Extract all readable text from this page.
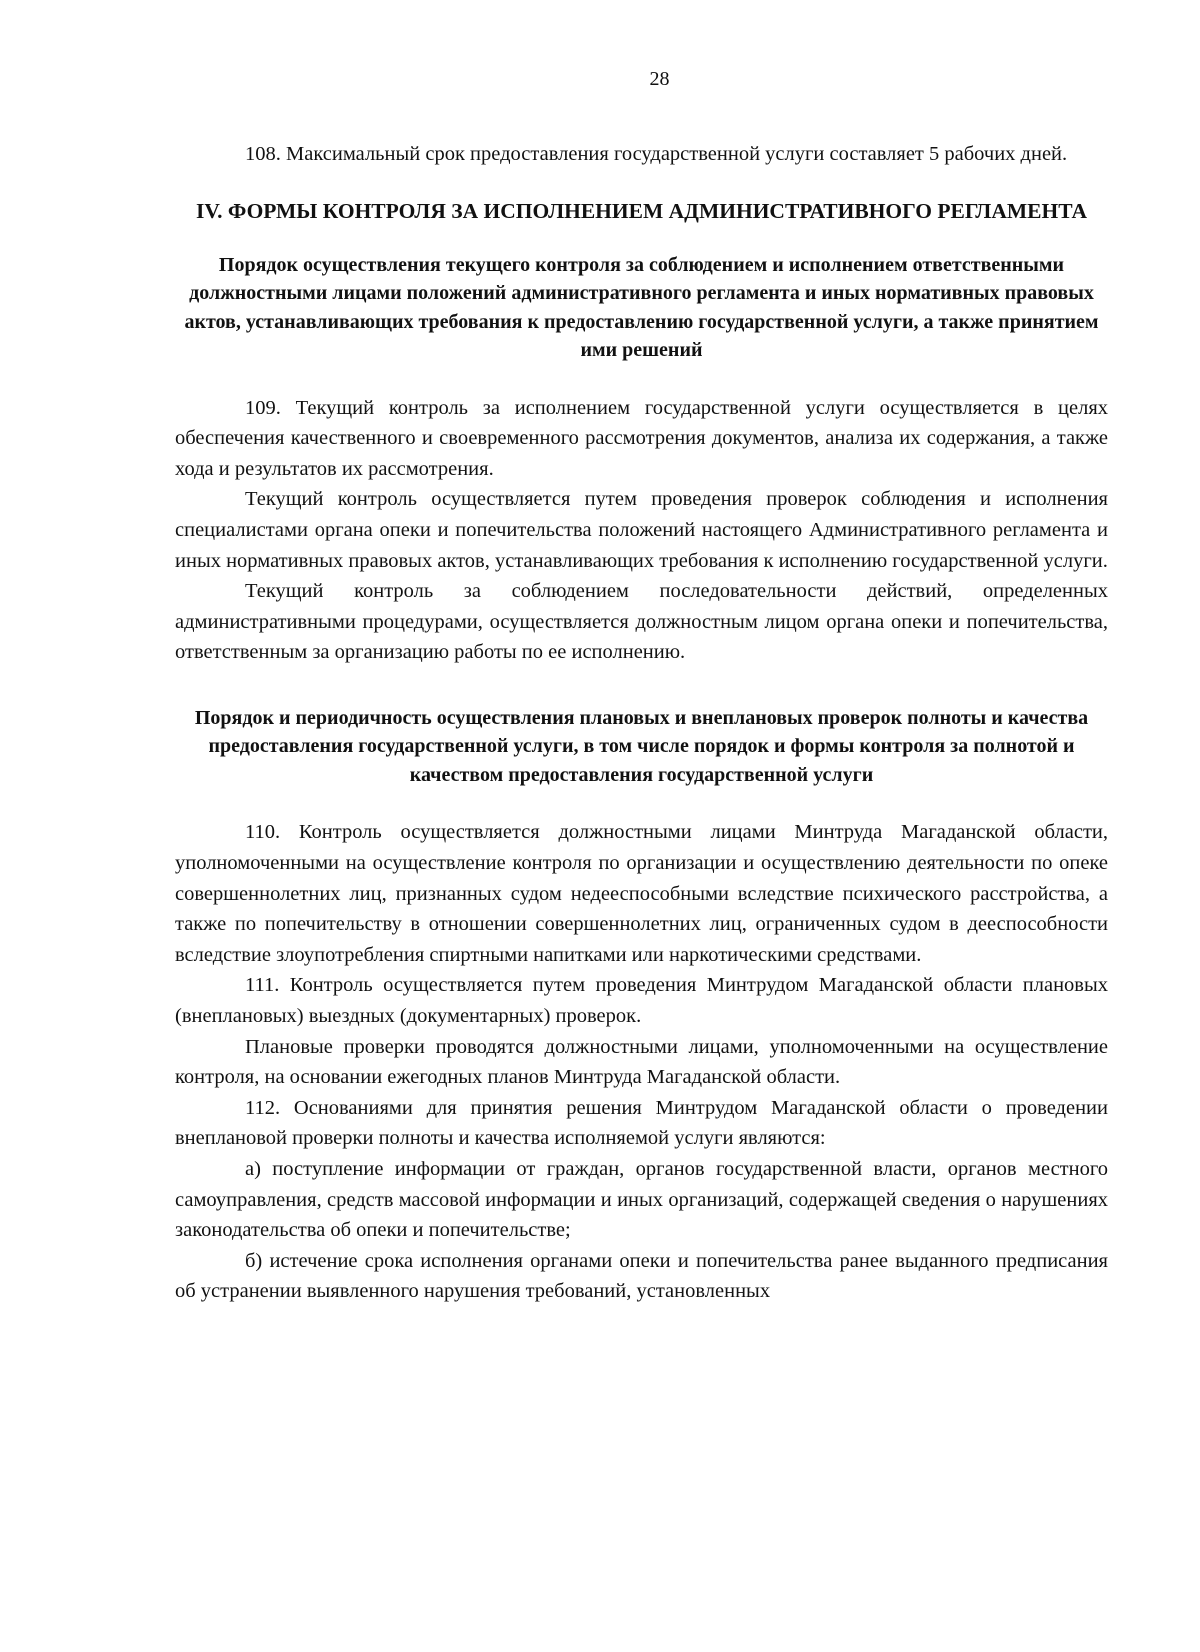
28

108. Максимальный срок предоставления государственной услуги составляет 5 рабочих дней.

IV. ФОРМЫ КОНТРОЛЯ ЗА ИСПОЛНЕНИЕМ АДМИНИСТРАТИВНОГО РЕГЛАМЕНТА
Порядок осуществления текущего контроля за соблюдением и исполнением ответственными должностными лицами положений административного регламента и иных нормативных правовых актов, устанавливающих требования к предоставлению государственной услуги, а также принятием ими решений

109. Текущий контроль за исполнением государственной услуги осуществляется в целях обеспечения качественного и своевременного рассмотрения документов, анализа их содержания, а также хода и результатов их рассмотрения.

Текущий контроль осуществляется путем проведения проверок соблюдения и исполнения специалистами органа опеки и попечительства положений настоящего Административного регламента и иных нормативных правовых актов, устанавливающих требования к исполнению государственной услуги.

Текущий контроль за соблюдением последовательности действий, определенных административными процедурами, осуществляется должностным лицом органа опеки и попечительства, ответственным за организацию работы по ее исполнению.

Порядок и периодичность осуществления плановых и внеплановых проверок полноты и качества предоставления государственной услуги, в том числе порядок и формы контроля за полнотой и качеством предоставления государственной услуги

110. Контроль осуществляется должностными лицами Минтруда Магаданской области, уполномоченными на осуществление контроля по организации и осуществлению деятельности по опеке совершеннолетних лиц, признанных судом недееспособными вследствие психического расстройства, а также по попечительству в отношении совершеннолетних лиц, ограниченных судом в дееспособности вследствие злоупотребления спиртными напитками или наркотическими средствами.

111. Контроль осуществляется путем проведения Минтрудом Магаданской области плановых (внеплановых) выездных (документарных) проверок.

Плановые проверки проводятся должностными лицами, уполномоченными на осуществление контроля, на основании ежегодных планов Минтруда Магаданской области.

112. Основаниями для принятия решения Минтрудом Магаданской области о проведении внеплановой проверки полноты и качества исполняемой услуги являются:

а) поступление информации от граждан, органов государственной власти, органов местного самоуправления, средств массовой информации и иных организаций, содержащей сведения о нарушениях законодательства об опеки и попечительстве;

б) истечение срока исполнения органами опеки и попечительства ранее выданного предписания об устранении выявленного нарушения требований, установленных
